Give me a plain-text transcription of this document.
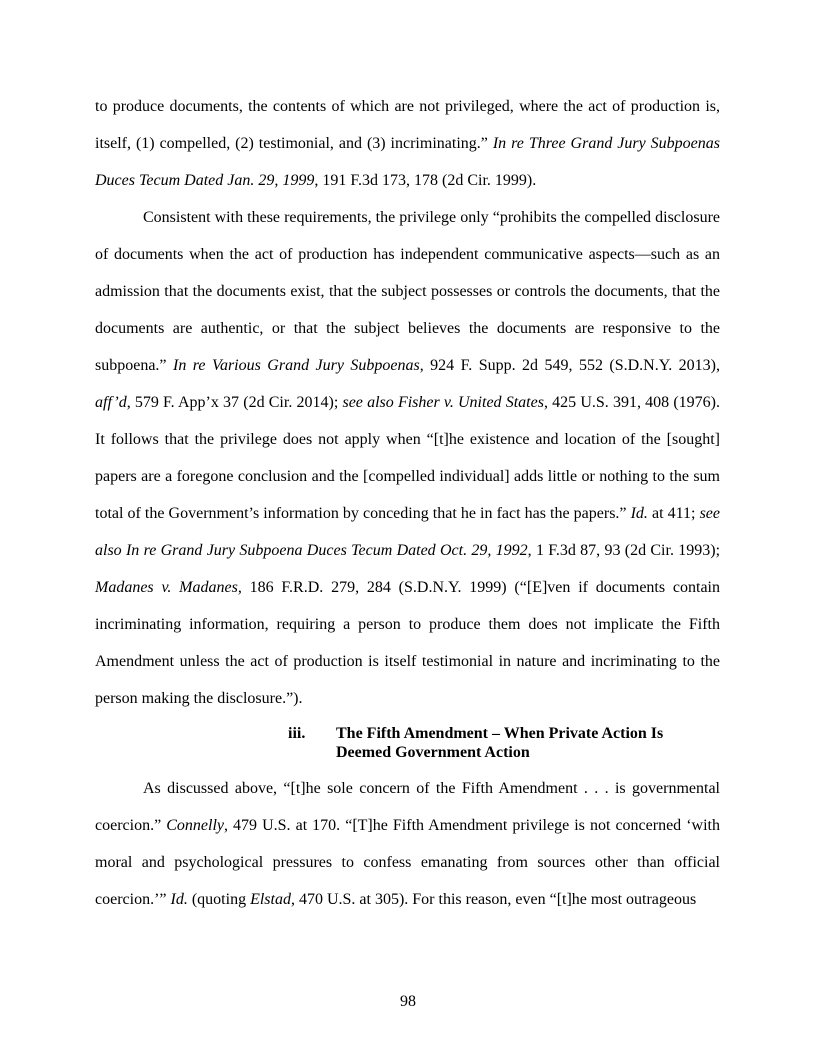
to produce documents, the contents of which are not privileged, where the act of production is, itself, (1) compelled, (2) testimonial, and (3) incriminating.” In re Three Grand Jury Subpoenas Duces Tecum Dated Jan. 29, 1999, 191 F.3d 173, 178 (2d Cir. 1999).

Consistent with these requirements, the privilege only “prohibits the compelled disclosure of documents when the act of production has independent communicative aspects—such as an admission that the documents exist, that the subject possesses or controls the documents, that the documents are authentic, or that the subject believes the documents are responsive to the subpoena.” In re Various Grand Jury Subpoenas, 924 F. Supp. 2d 549, 552 (S.D.N.Y. 2013), aff’d, 579 F. App’x 37 (2d Cir. 2014); see also Fisher v. United States, 425 U.S. 391, 408 (1976). It follows that the privilege does not apply when “[t]he existence and location of the [sought] papers are a foregone conclusion and the [compelled individual] adds little or nothing to the sum total of the Government’s information by conceding that he in fact has the papers.” Id. at 411; see also In re Grand Jury Subpoena Duces Tecum Dated Oct. 29, 1992, 1 F.3d 87, 93 (2d Cir. 1993); Madanes v. Madanes, 186 F.R.D. 279, 284 (S.D.N.Y. 1999) (“[E]ven if documents contain incriminating information, requiring a person to produce them does not implicate the Fifth Amendment unless the act of production is itself testimonial in nature and incriminating to the person making the disclosure.”).

iii.	The Fifth Amendment – When Private Action Is Deemed Government Action

As discussed above, “[t]he sole concern of the Fifth Amendment . . . is governmental coercion.” Connelly, 479 U.S. at 170. “[T]he Fifth Amendment privilege is not concerned ‘with moral and psychological pressures to confess emanating from sources other than official coercion.’” Id. (quoting Elstad, 470 U.S. at 305). For this reason, even “[t]he most outrageous

98
